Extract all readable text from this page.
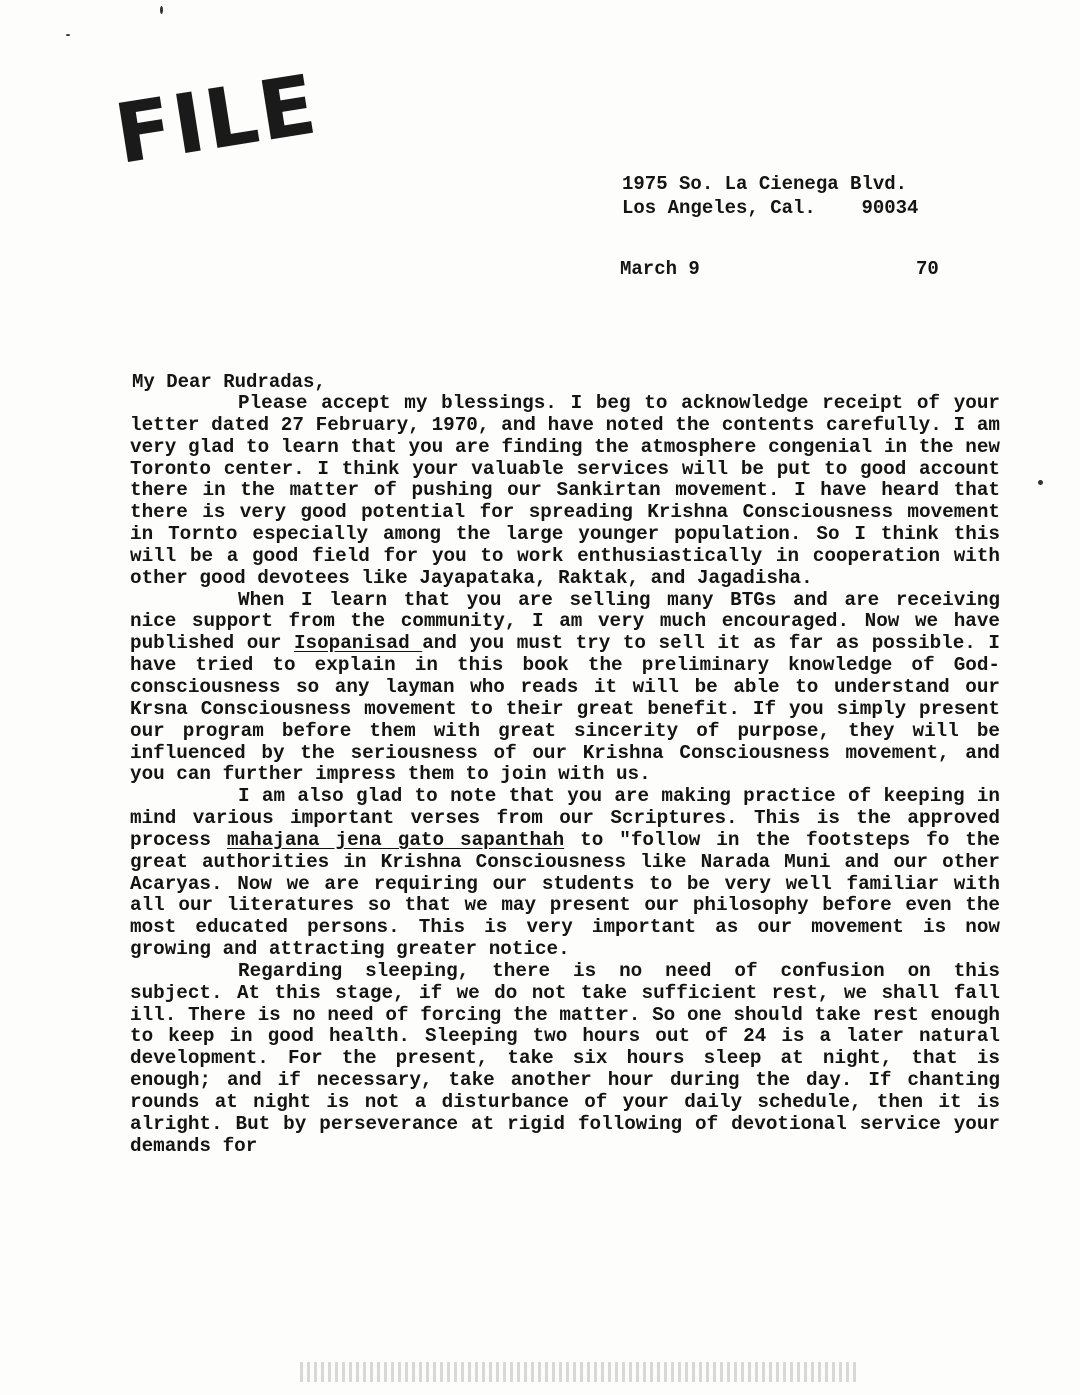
FILE
1975 So. La Cienega Blvd.
Los Angeles, Cal.    90034
March 9	70
My Dear Rudradas,

Please accept my blessings. I beg to acknowledge receipt of your letter dated 27 February, 1970, and have noted the contents carefully. I am very glad to learn that you are finding the atmosphere congenial in the new Toronto center. I think your valuable services will be put to good account there in the matter of pushing our Sankirtan movement. I have heard that there is very good potential for spreading Krishna Consciousness movement in Tornto especially among the large younger population. So I think this will be a good field for you to work enthusiastically in cooperation with other good devotees like Jayapataka, Raktak, and Jagadisha.

When I learn that you are selling many BTGs and are receiving nice support from the community, I am very much encouraged. Now we have published our Isopanisad and you must try to sell it as far as possible. I have tried to explain in this book the preliminary knowledge of God-consciousness so any layman who reads it will be able to understand our Krsna Consciousness movement to their great benefit. If you simply present our program before them with great sincerity of purpose, they will be influenced by the seriousness of our Krishna Consciousness movement, and you can further impress them to join with us.

I am also glad to note that you are making practice of keeping in mind various important verses from our Scriptures. This is the approved process mahajana jena gato sapanthah to "follow in the footsteps fo the great authorities in Krishna Consciousness like Narada Muni and our other Acaryas. Now we are requiring our students to be very well familiar with all our literatures so that we may present our philosophy before even the most educated persons. This is very important as our movement is now growing and attracting greater notice.

Regarding sleeping, there is no need of confusion on this subject. At this stage, if we do not take sufficient rest, we shall fall ill. There is no need of forcing the matter. So one should take rest enough to keep in good health. Sleeping two hours out of 24 is a later natural development. For the present, take six hours sleep at night, that is enough; and if necessary, take another hour during the day. If chanting rounds at night is not a disturbance of your daily schedule, then it is alright. But by perseverance at rigid following of devotional service your demands for
